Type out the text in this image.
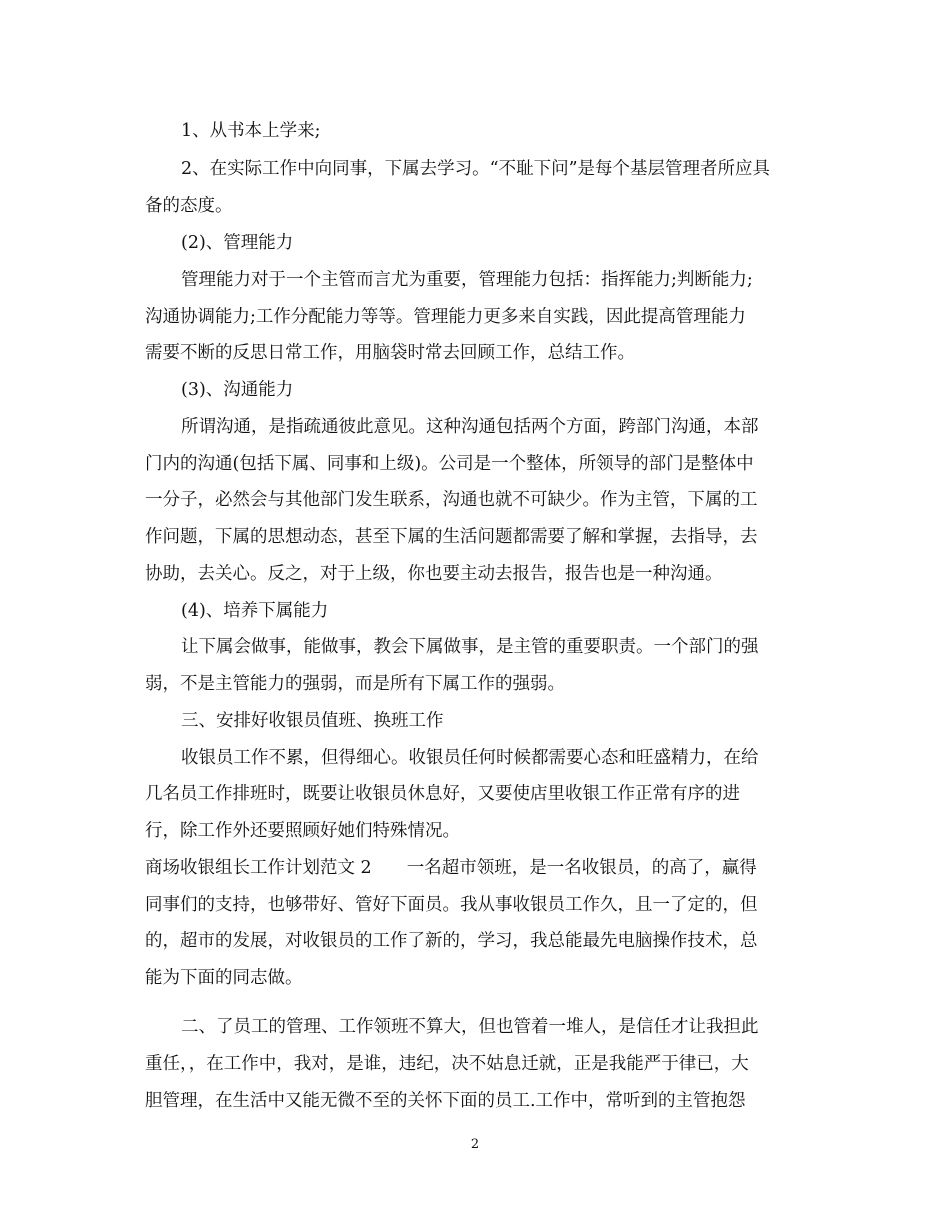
1、从书本上学来;
2、在实际工作中向同事，下属去学习。“不耻下问”是每个基层管理者所应具
备的态度。
(2)、管理能力
管理能力对于一个主管而言尤为重要，管理能力包括：指挥能力;判断能力;
沟通协调能力;工作分配能力等等。管理能力更多来自实践，因此提高管理能力
需要不断的反思日常工作，用脑袋时常去回顾工作，总结工作。
(3)、沟通能力
所谓沟通，是指疏通彼此意见。这种沟通包括两个方面，跨部门沟通，本部
门内的沟通(包括下属、同事和上级)。公司是一个整体，所领导的部门是整体中
一分子，必然会与其他部门发生联系，沟通也就不可缺少。作为主管，下属的工
作问题，下属的思想动态，甚至下属的生活问题都需要了解和掌握，去指导，去
协助，去关心。反之，对于上级，你也要主动去报告，报告也是一种沟通。
(4)、培养下属能力
让下属会做事，能做事，教会下属做事，是主管的重要职责。一个部门的强
弱，不是主管能力的强弱，而是所有下属工作的强弱。
三、安排好收银员值班、换班工作
收银员工作不累，但得细心。收银员任何时候都需要心态和旺盛精力，在给
几名员工作排班时，既要让收银员休息好，又要使店里收银工作正常有序的进
行，除工作外还要照顾好她们特殊情况。
商场收银组长工作计划范文 2　　一名超市领班，是一名收银员，的高了，赢得
同事们的支持，也够带好、管好下面员。我从事收银员工作久，且一了定的，但
的，超市的发展，对收银员的工作了新的，学习，我总能最先电脑操作技术，总
能为下面的同志做。
二、了员工的管理、工作领班不算大，但也管着一堆人，是信任才让我担此
重任，，在工作中，我对，是谁，违纪，决不姑息迁就，正是我能严于律已，大
胆管理，在生活中又能无微不至的关怀下面的员工.工作中，常听到的主管抱怨
2
